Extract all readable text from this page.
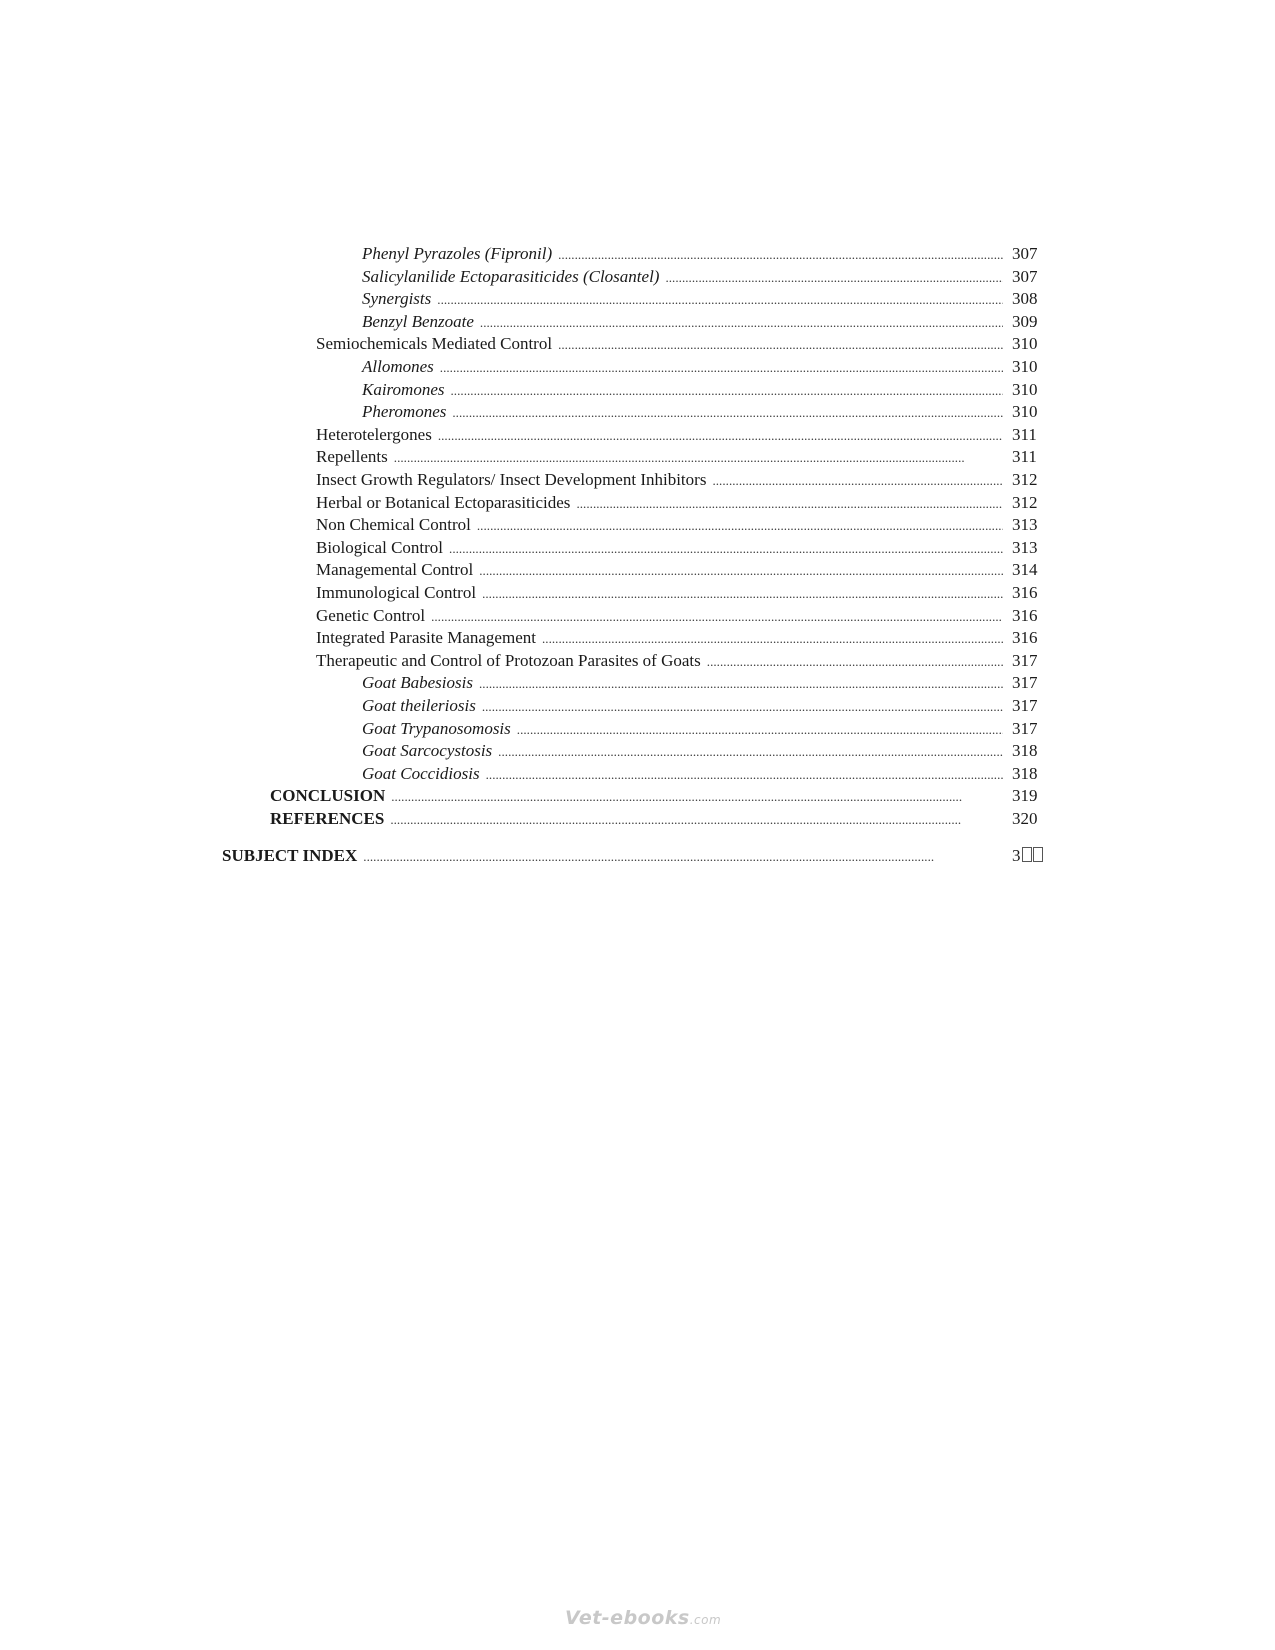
Phenyl Pyrazoles (Fipronil) . . .	307
Salicylanilide Ectoparasiticides (Closantel) . . .	307
Synergists . . .	308
Benzyl Benzoate . . .	309
Semiochemicals Mediated Control . . .	310
Allomones . . .	310
Kairomones . . .	310
Pheromones . . .	310
Heterotelergones . . .	311
Repellents . . .	311
Insect Growth Regulators/ Insect Development Inhibitors . . .	312
Herbal or Botanical Ectoparasiticides . . .	312
Non Chemical Control . . .	313
Biological Control . . .	313
Managemental Control . . .	314
Immunological Control . . .	316
Genetic Control . . .	316
Integrated Parasite Management . . .	316
Therapeutic and Control of Protozoan Parasites of Goats . . .	317
Goat Babesiosis . . .	317
Goat theileriosis . . .	317
Goat Trypanosomosis . . .	317
Goat Sarcocystosis . . .	318
Goat Coccidiosis . . .	318
CONCLUSION . . .	319
REFERENCES . . .	320
SUBJECT INDEX . . .	3
Vet-ebooks.com
